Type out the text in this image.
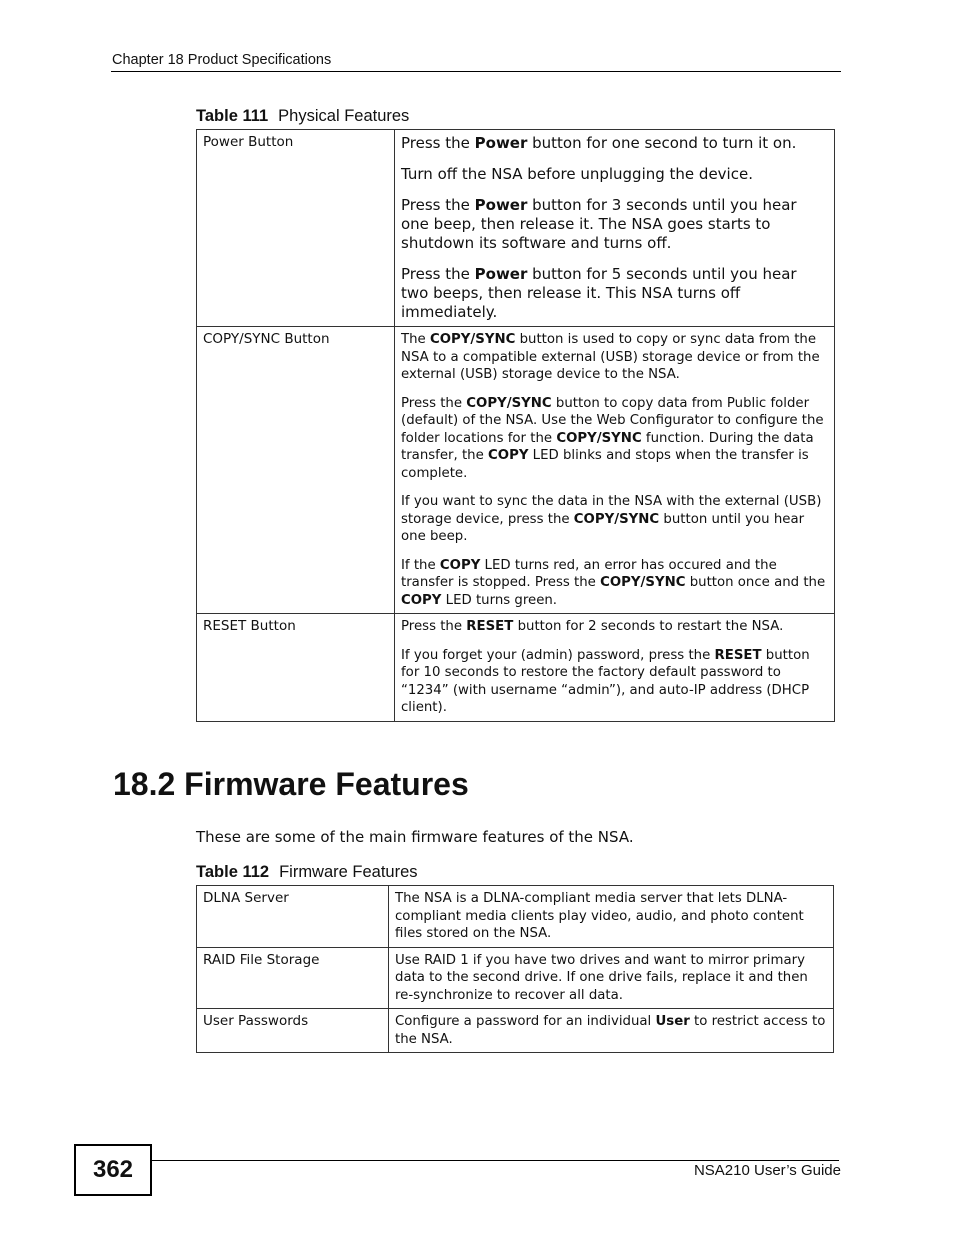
Chapter 18 Product Specifications
Table 111 Physical Features
Power Button	Press the Power button for one second to turn it on.

Turn off the NSA before unplugging the device.

Press the Power button for 3 seconds until you hear one beep, then release it. The NSA goes starts to shutdown its software and turns off.

Press the Power button for 5 seconds until you hear two beeps, then release it. This NSA turns off immediately.

COPY/SYNC Button	The COPY/SYNC button is used to copy or sync data from the NSA to a compatible external (USB) storage device or from the external (USB) storage device to the NSA.

Press the COPY/SYNC button to copy data from Public folder (default) of the NSA. Use the Web Configurator to configure the folder locations for the COPY/SYNC function. During the data transfer, the COPY LED blinks and stops when the transfer is complete.

If you want to sync the data in the NSA with the external (USB) storage device, press the COPY/SYNC button until you hear one beep.

If the COPY LED turns red, an error has occured and the transfer is stopped. Press the COPY/SYNC button once and the COPY LED turns green.

RESET Button	Press the RESET button for 2 seconds to restart the NSA.

If you forget your (admin) password, press the RESET button for 10 seconds to restore the factory default password to “1234” (with username “admin”), and auto-IP address (DHCP client).

18.2 Firmware Features
These are some of the main firmware features of the NSA.
Table 112 Firmware Features
DLNA Server	The NSA is a DLNA-compliant media server that lets DLNA-compliant media clients play video, audio, and photo content files stored on the NSA.

RAID File Storage	Use RAID 1 if you have two drives and want to mirror primary data to the second drive. If one drive fails, replace it and then re-synchronize to recover all data.

User Passwords	Configure a password for an individual User to restrict access to the NSA.

362	NSA210 User’s Guide
